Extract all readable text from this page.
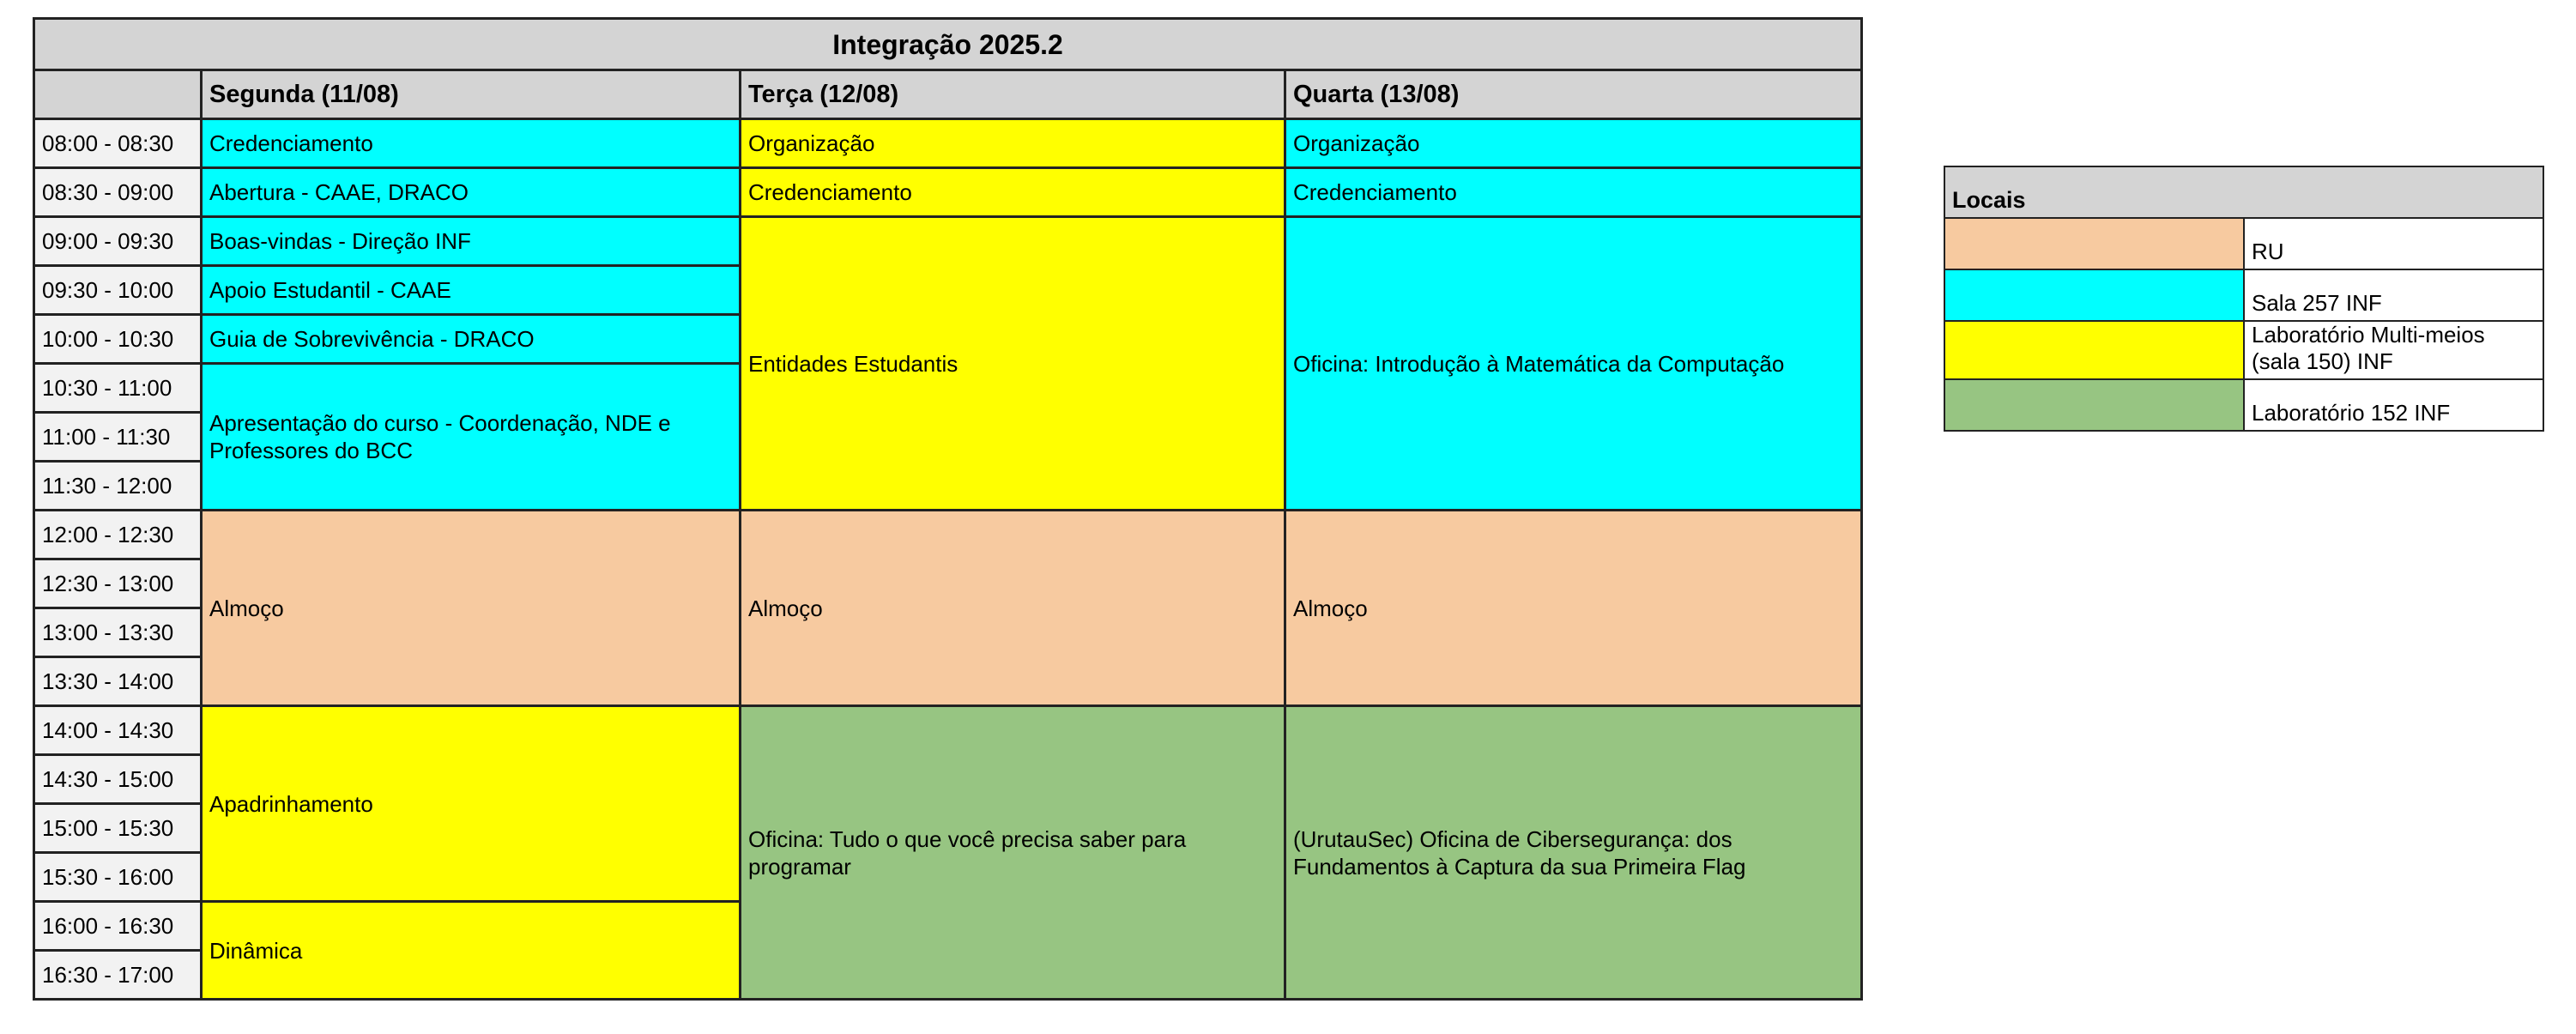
Integração 2025.2			
	Segunda (11/08)	Terça (12/08)	Quarta (13/08)
08:00 - 08:30	Credenciamento	Organização	Organização
08:30 - 09:00	Abertura - CAAE, DRACO	Credenciamento	Credenciamento
09:00 - 09:30	Boas-vindas - Direção INF	Entidades Estudantis	Oficina: Introdução à Matemática da Computação
09:30 - 10:00	Apoio Estudantil - CAAE		
10:00 - 10:30	Guia de Sobrevivência - DRACO		
10:30 - 11:00	Apresentação do curso - Coordenação, NDE e Professores do BCC		
11:00 - 11:30			
11:30 - 12:00			
12:00 - 12:30	Almoço	Almoço	Almoço
12:30 - 13:00			
13:00 - 13:30			
13:30 - 14:00			
14:00 - 14:30	Apadrinhamento	Oficina: Tudo o que você precisa saber para programar	(UrutauSec) Oficina de Cibersegurança: dos Fundamentos à Captura da sua Primeira Flag
14:30 - 15:00			
15:00 - 15:30			
15:30 - 16:00			
16:00 - 16:30	Dinâmica		
16:30 - 17:00			
Locais	
	RU
	Sala 257 INF
	Laboratório Multi-meios (sala 150) INF
	Laboratório 152 INF
